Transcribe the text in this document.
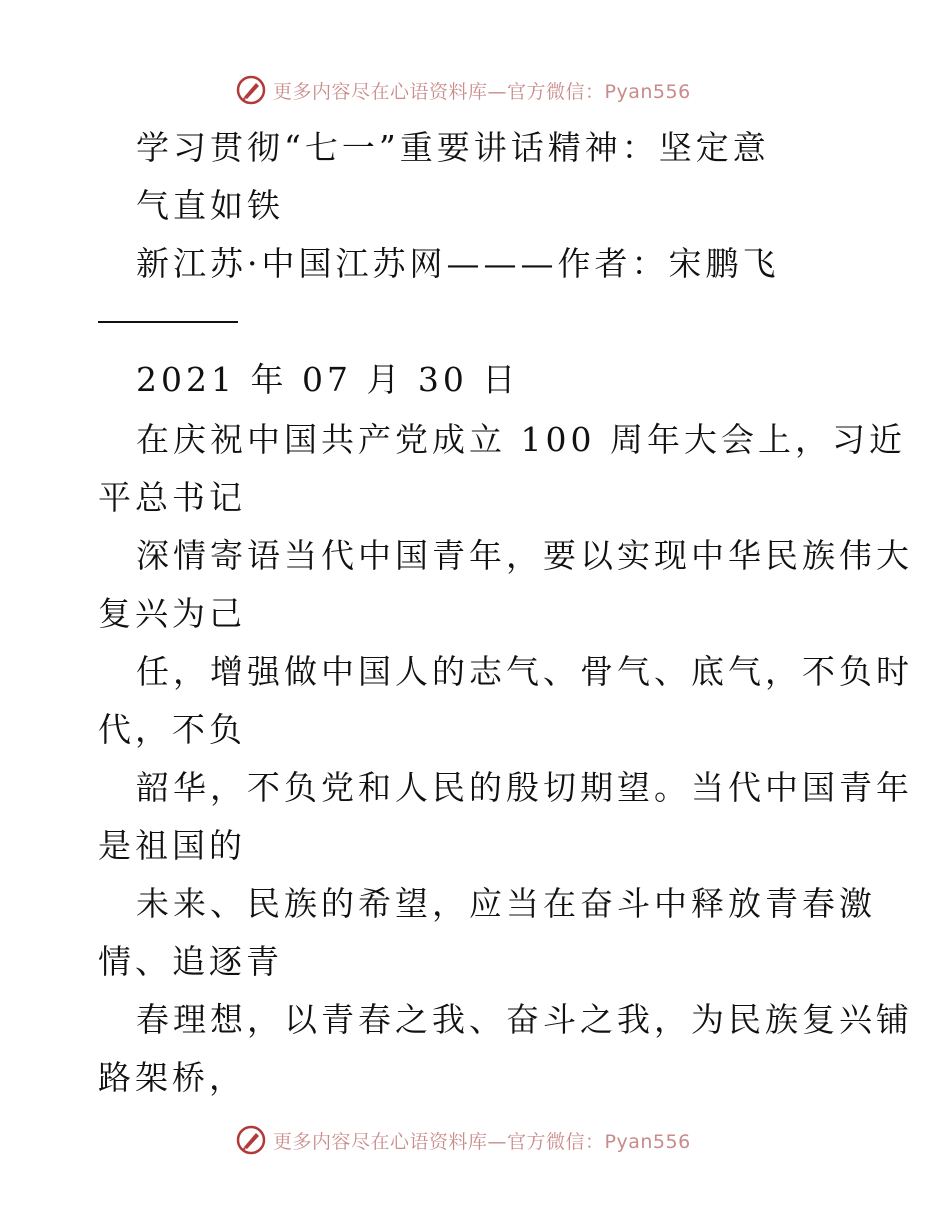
更多内容尽在心语资料库 —官方微信：Pyan556
学习贯彻“七一”重要讲话精神：坚定意
气直如铁
新江苏·中国江苏网———作者：宋鹏飞
2021 年 07 月 30 日
在庆祝中国共产党成立 100 周年大会上，习近
平总书记
深情寄语当代中国青年，要以实现中华民族伟大
复兴为己
任，增强做中国人的志气、骨气、底气，不负时
代，不负
韶华，不负党和人民的殷切期望。当代中国青年
是祖国的
未来、民族的希望，应当在奋斗中释放青春激
情、追逐青
春理想，以青春之我、奋斗之我，为民族复兴铺
路架桥，
更多内容尽在心语资料库 —官方微信：Pyan556
